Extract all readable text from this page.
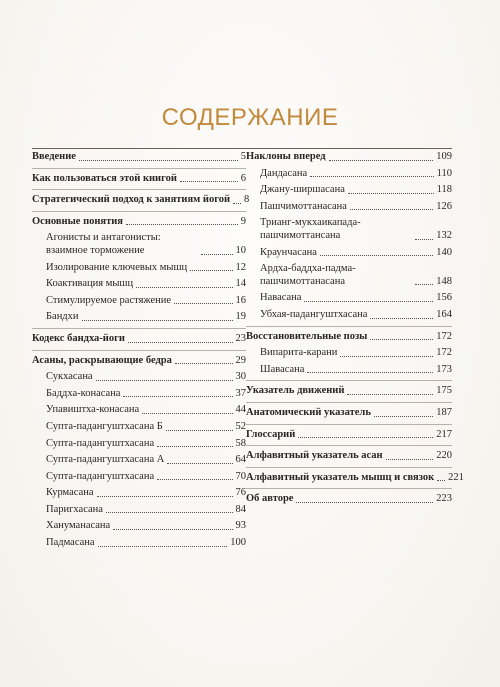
СОДЕРЖАНИЕ
Введение	5
Как пользоваться этой книгой	6
Стратегический подход к занятиям йогой 8
Основные понятия	9
Агонисты и антагонисты: взаимное торможение	10
Изолирование ключевых мышц	12
Коактивация мышц	14
Стимулируемое растяжение	16
Бандхи	19
Кодекс бандха-йоги	23
Асаны, раскрывающие бедра	29
Сукхасана	30
Баддха-конасана	37
Упавиштха-конасана	44
Супта-падангуштхасана Б	52
Супта-падангуштхасана	58
Супта-падангуштхасана А	64
Супта-падангуштхасана	70
Курмасана	76
Паригхасана	84
Хануманасана	93
Падмасана	100
Наклоны вперед	109
Дандасана	110
Джану-ширшасана	118
Пашчимоттанасана	126
Трианг-мукхаикапада-пашчимоттансана	132
Краунчасана	140
Ардха-баддха-падма-пашчимоттанасана	148
Навасана	156
Убхая-падангуштхасана	164
Восстановительные позы	172
Випарита-карани	172
Шавасана	173
Указатель движений	175
Анатомический указатель	187
Глоссарий	217
Алфавитный указатель асан	220
Алфавитный указатель мышц и связок 221
Об авторе	223
